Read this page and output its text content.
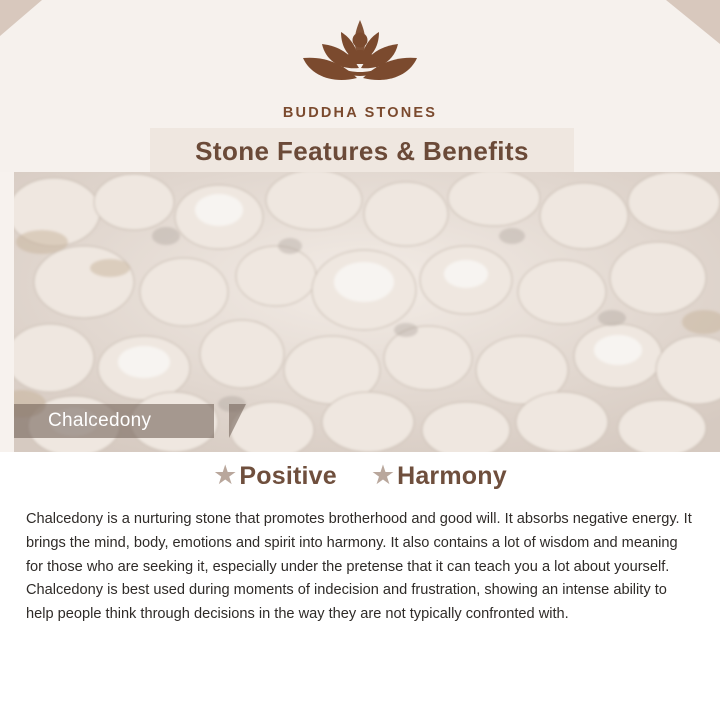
BUDDHA STONES
Stone Features & Benefits
Chalcedony
★ Positive ★ Harmony
Chalcedony is a nurturing stone that promotes brotherhood and good will. It absorbs negative energy. It brings the mind, body, emotions and spirit into harmony. It also contains a lot of wisdom and meaning for those who are seeking it, especially under the pretense that it can teach you a lot about yourself. Chalcedony is best used during moments of indecision and frustration, showing an intense ability to help people think through decisions in the way they are not typically confronted with.
